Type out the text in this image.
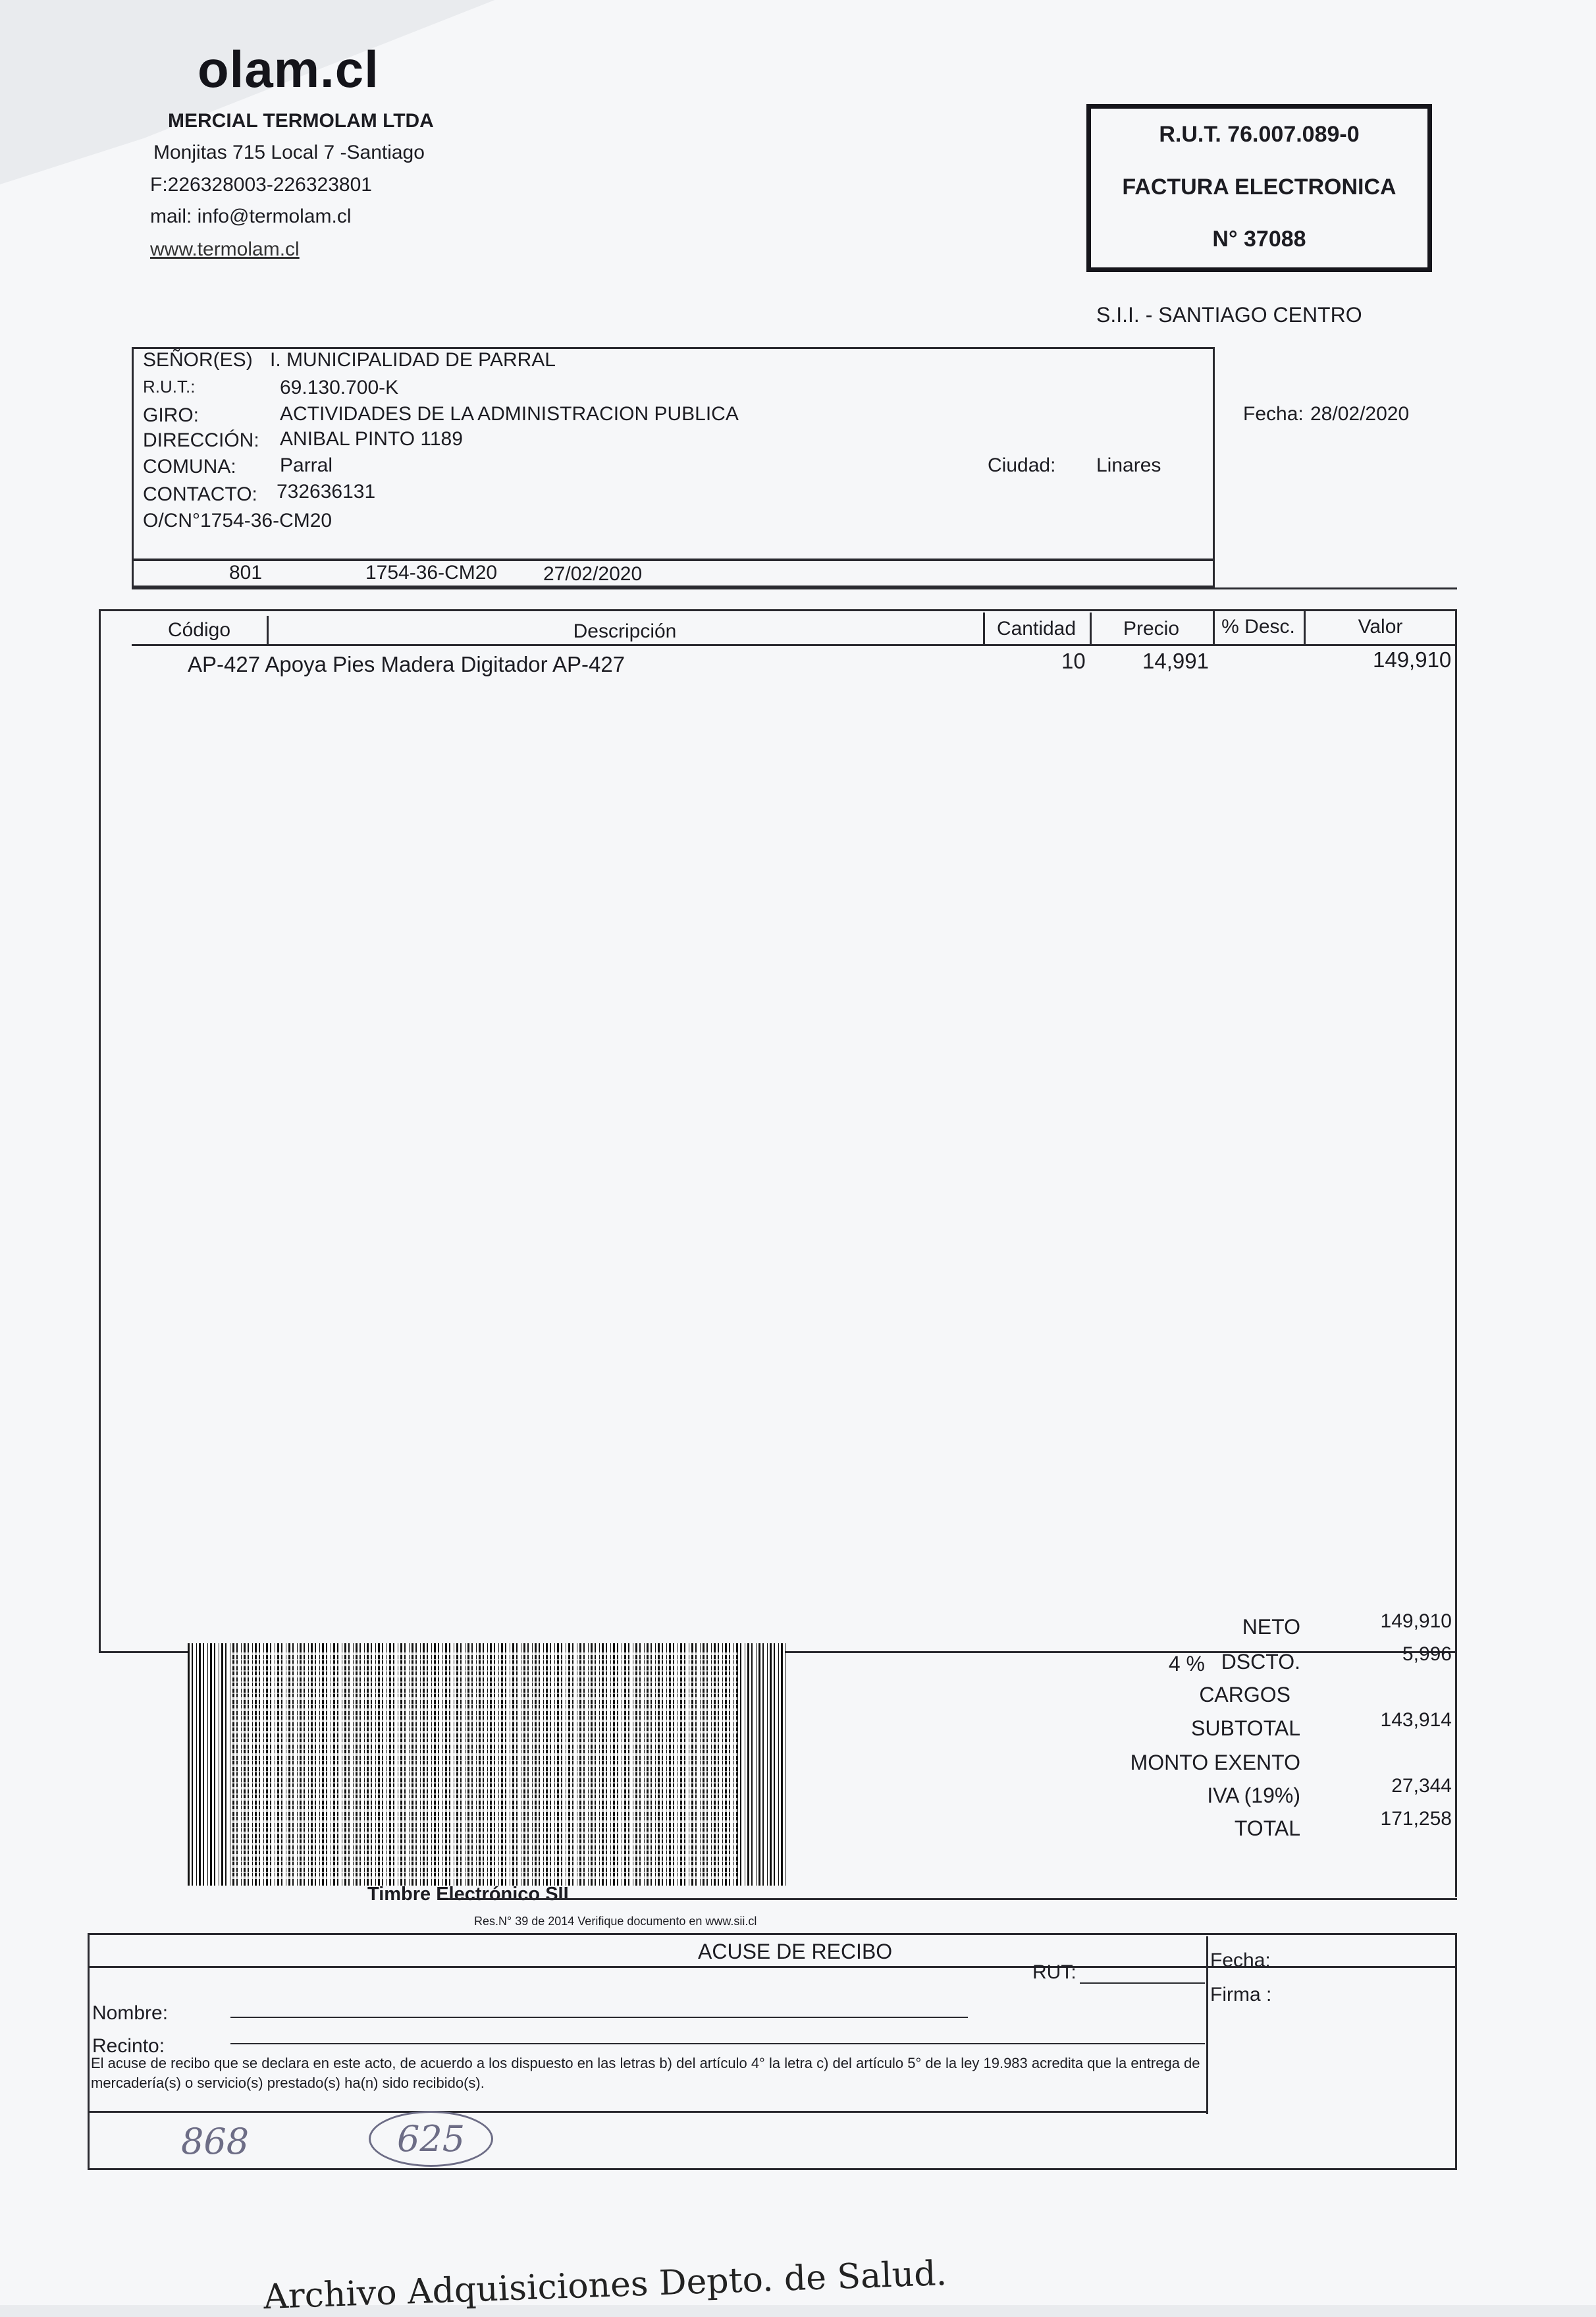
olam.cl
MERCIAL TERMOLAM LTDA
Monjitas 715 Local 7 -Santiago
F:226328003-226323801
mail: info@termolam.cl
www.termolam.cl
R.U.T. 76.007.089-0
FACTURA ELECTRONICA
N° 37088
S.I.I. - SANTIAGO CENTRO
SEÑOR(ES) I. MUNICIPALIDAD DE PARRAL
R.U.T.:	69.130.700-K
GIRO:	ACTIVIDADES DE LA ADMINISTRACION PUBLICA
DIRECCIÓN: ANIBAL PINTO 1189
COMUNA: Parral	Ciudad: Linares
CONTACTO: 732636131
O/CN°1754-36-CM20
Fecha: 28/02/2020
801	1754-36-CM20 27/02/2020
Código	Descripción	Cantidad	Precio	% Desc.	Valor
AP-427 Apoya Pies Madera Digitador AP-427	10	14,991	149,910
NETO	149,910
4 % DSCTO.	5,996
CARGOS
SUBTOTAL	143,914
MONTO EXENTO
IVA (19%)	27,344
TOTAL	171,258
Timbre Electrónico SII
Res.N° 39 de 2014 Verifique documento en www.sii.cl
ACUSE DE RECIBO
RUT:
Fecha:
Firma :
Nombre:
Recinto:
El acuse de recibo que se declara en este acto, de acuerdo a los dispuesto en las letras b) del artículo 4° la letra c) del artículo 5° de la ley 19.983 acredita que la entrega de mercadería(s) o servicio(s) prestado(s) ha(n) sido recibido(s).
868	625
Archivo Adquisiciones Depto. de Salud.
